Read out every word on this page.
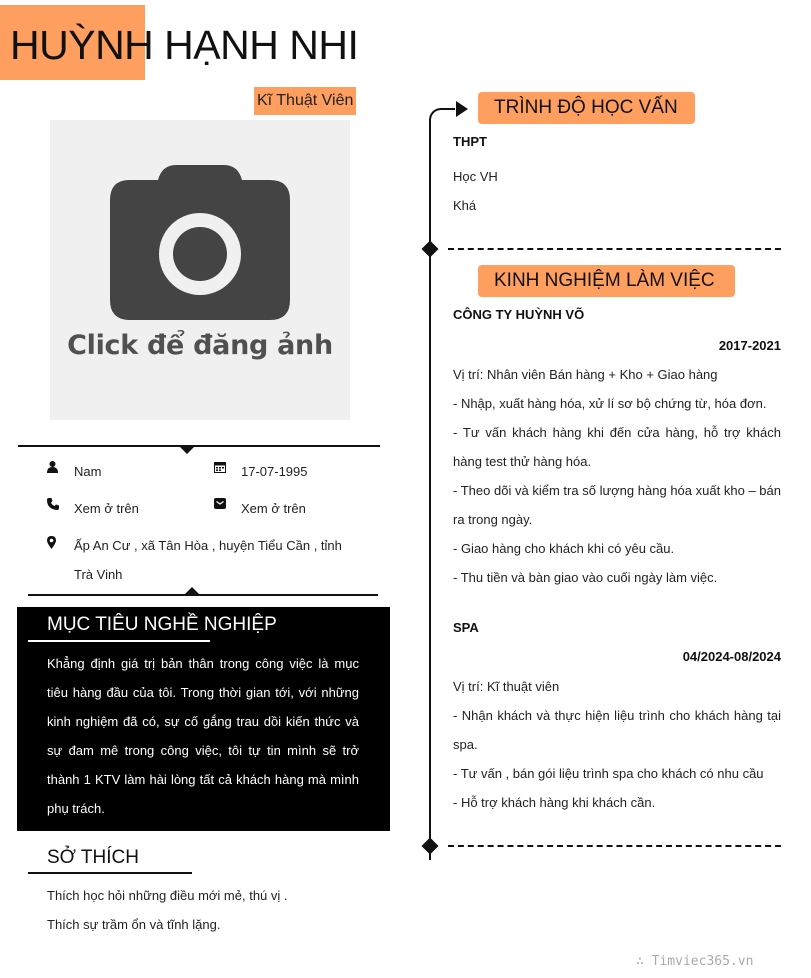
HUỲNH HẠNH NHI
Kĩ Thuật Viên
Click để đăng ảnh
Nam	17-07-1995
Xem ở trên	Xem ở trên
Ấp An Cư , xã Tân Hòa , huyện Tiểu Cần , tỉnh
Trà Vinh
MỤC TIÊU NGHỀ NGHIỆP
Khẳng định giá trị bản thân trong công việc là mục tiêu hàng đầu của tôi. Trong thời gian tới, với những kinh nghiệm đã có, sự cố gắng trau dồi kiến thức và sự đam mê trong công việc, tôi tự tin mình sẽ trở thành 1 KTV làm hài lòng tất cả khách hàng mà mình phụ trách.
SỞ THÍCH
Thích học hỏi những điều mới mẻ, thú vị .
Thích sự trầm ổn và tĩnh lặng.
TRÌNH ĐỘ HỌC VẤN
THPT
Học VH
Khá
KINH NGHIỆM LÀM VIỆC
CÔNG TY HUỲNH VÕ
2017-2021
Vị trí: Nhân viên Bán hàng + Kho + Giao hàng
- Nhập, xuất hàng hóa, xử lí sơ bộ chứng từ, hóa đơn.
- Tư vấn khách hàng khi đến cửa hàng, hỗ trợ khách hàng test thử hàng hóa.
- Theo dõi và kiểm tra số lượng hàng hóa xuất kho – bán ra trong ngày.
- Giao hàng cho khách khi có yêu cầu.
- Thu tiền và bàn giao vào cuối ngày làm việc.
SPA
04/2024-08/2024
Vị trí: Kĩ thuật viên
- Nhận khách và thực hiện liệu trình cho khách hàng tại spa.
- Tư vấn , bán gói liệu trình spa cho khách có nhu cầu
- Hỗ trợ khách hàng khi khách cần.
∴ Timviec365.vn
